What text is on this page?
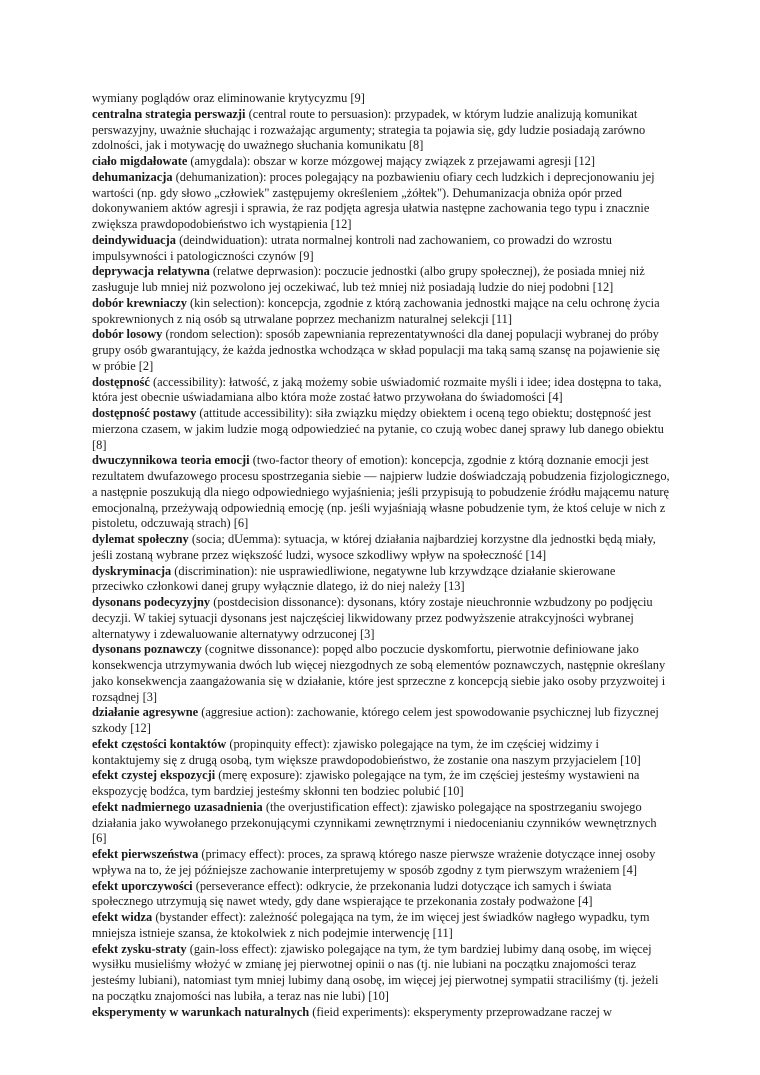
wymiany poglądów oraz eliminowanie krytycyzmu [9]

centralna strategia perswazji (central route to persuasion): przypadek, w którym ludzie analizują komunikat perswazyjny, uważnie słuchając i rozważając argumenty; strategia ta pojawia się, gdy ludzie posiadają zarówno zdolności, jak i motywację do uważnego słuchania komunikatu [8]

ciało migdałowate (amygdala): obszar w korze mózgowej mający związek z przejawami agresji [12]

dehumanizacja (dehumanization): proces polegający na pozbawieniu ofiary cech ludzkich i deprecjonowaniu jej wartości (np. gdy słowo „człowiek" zastępujemy określeniem „żółtek"). Dehumanizacja obniża opór przed dokonywaniem aktów agresji i sprawia, że raz podjęta agresja ułatwia następne zachowania tego typu i znacznie zwiększa prawdopodobieństwo ich wystąpienia [12]

deindywiduacja (deindwiduation): utrata normalnej kontroli nad zachowaniem, co prowadzi do wzrostu impulsywności i patologiczności czynów [9]

deprywacja relatywna (relatwe deprwasion): poczucie jednostki (albo grupy społecznej), że posiada mniej niż zasługuje lub mniej niż pozwolono jej oczekiwać, lub też mniej niż posiadają ludzie do niej podobni [12]

dobór krewniaczy (kin selection): koncepcja, zgodnie z którą zachowania jednostki mające na celu ochronę życia spokrewnionych z nią osób są utrwalane poprzez mechanizm naturalnej selekcji [11]

dobór losowy (rondom selection): sposób zapewniania reprezentatywności dla danej populacji wybranej do próby grupy osób gwarantujący, że każda jednostka wchodząca w skład populacji ma taką samą szansę na pojawienie się w próbie [2]

dostępność (accessibility): łatwość, z jaką możemy sobie uświadomić rozmaite myśli i idee; idea dostępna to taka, która jest obecnie uświadamiana albo która może zostać łatwo przywołana do świadomości [4]

dostępność postawy (attitude accessibility): siła związku między obiektem i oceną tego obiektu; dostępność jest mierzona czasem, w jakim ludzie mogą odpowiedzieć na pytanie, co czują wobec danej sprawy lub danego obiektu [8]

dwuczynnikowa teoria emocji (two-factor theory of emotion): koncepcja, zgodnie z którą doznanie emocji jest rezultatem dwufazowego procesu spostrzegania siebie — najpierw ludzie doświadczają pobudzenia fizjologicznego, a następnie poszukują dla niego odpowiedniego wyjaśnienia; jeśli przypisują to pobudzenie źródłu mającemu naturę emocjonalną, przeżywają odpowiednią emocję (np. jeśli wyjaśniają własne pobudzenie tym, że ktoś celuje w nich z pistoletu, odczuwają strach) [6]

dylemat społeczny (socia; dUemma): sytuacja, w której działania najbardziej korzystne dla jednostki będą miały, jeśli zostaną wybrane przez większość ludzi, wysoce szkodliwy wpływ na społeczność [14]

dyskryminacja (discrimination): nie usprawiedliwione, negatywne lub krzywdzące działanie skierowane przeciwko członkowi danej grupy wyłącznie dlatego, iż do niej należy [13]

dysonans podecyzyjny (postdecision dissonance): dysonans, który zostaje nieuchronnie wzbudzony po podjęciu decyzji. W takiej sytuacji dysonans jest najczęściej likwidowany przez podwyższenie atrakcyjności wybranej alternatywy i zdewaluowanie alternatywy odrzuconej [3]

dysonans poznawczy (cognitwe dissonance): popęd albo poczucie dyskomfortu, pierwotnie definiowane jako konsekwencja utrzymywania dwóch lub więcej niezgodnych ze sobą elementów poznawczych, następnie określany jako konsekwencja zaangażowania się w działanie, które jest sprzeczne z koncepcją siebie jako osoby przyzwoitej i rozsądnej [3]

działanie agresywne (aggresiue action): zachowanie, którego celem jest spowodowanie psychicznej lub fizycznej szkody [12]

efekt częstości kontaktów (propinquity effect): zjawisko polegające na tym, że im częściej widzimy i kontaktujemy się z drugą osobą, tym większe prawdopodobieństwo, że zostanie ona naszym przyjacielem [10]

efekt czystej ekspozycji (merę exposure): zjawisko polegające na tym, że im częściej jesteśmy wystawieni na ekspozycję bodźca, tym bardziej jesteśmy skłonni ten bodziec polubić [10]

efekt nadmiernego uzasadnienia (the overjustification effect): zjawisko polegające na spostrzeganiu swojego działania jako wywołanego przekonującymi czynnikami zewnętrznymi i niedocenianiu czynników wewnętrznych [6]

efekt pierwszeństwa (primacy effect): proces, za sprawą którego nasze pierwsze wrażenie dotyczące innej osoby wpływa na to, że jej późniejsze zachowanie interpretujemy w sposób zgodny z tym pierwszym wrażeniem [4]

efekt uporczywości (perseverance effect): odkrycie, że przekonania ludzi dotyczące ich samych i świata społecznego utrzymują się nawet wtedy, gdy dane wspierające te przekonania zostały podważone [4]

efekt widza (bystander effect): zależność polegająca na tym, że im więcej jest świadków nagłego wypadku, tym mniejsza istnieje szansa, że ktokolwiek z nich podejmie interwencję [11]

efekt zysku-straty (gain-loss effect): zjawisko polegające na tym, że tym bardziej lubimy daną osobę, im więcej wysiłku musieliśmy włożyć w zmianę jej pierwotnej opinii o nas (tj. nie lubiani na początku znajomości teraz jesteśmy lubiani), natomiast tym mniej lubimy daną osobę, im więcej jej pierwotnej sympatii straciliśmy (tj. jeżeli na początku znajomości nas lubiła, a teraz nas nie lubi) [10]

eksperymenty w warunkach naturalnych (fieid experiments): eksperymenty przeprowadzane raczej w
